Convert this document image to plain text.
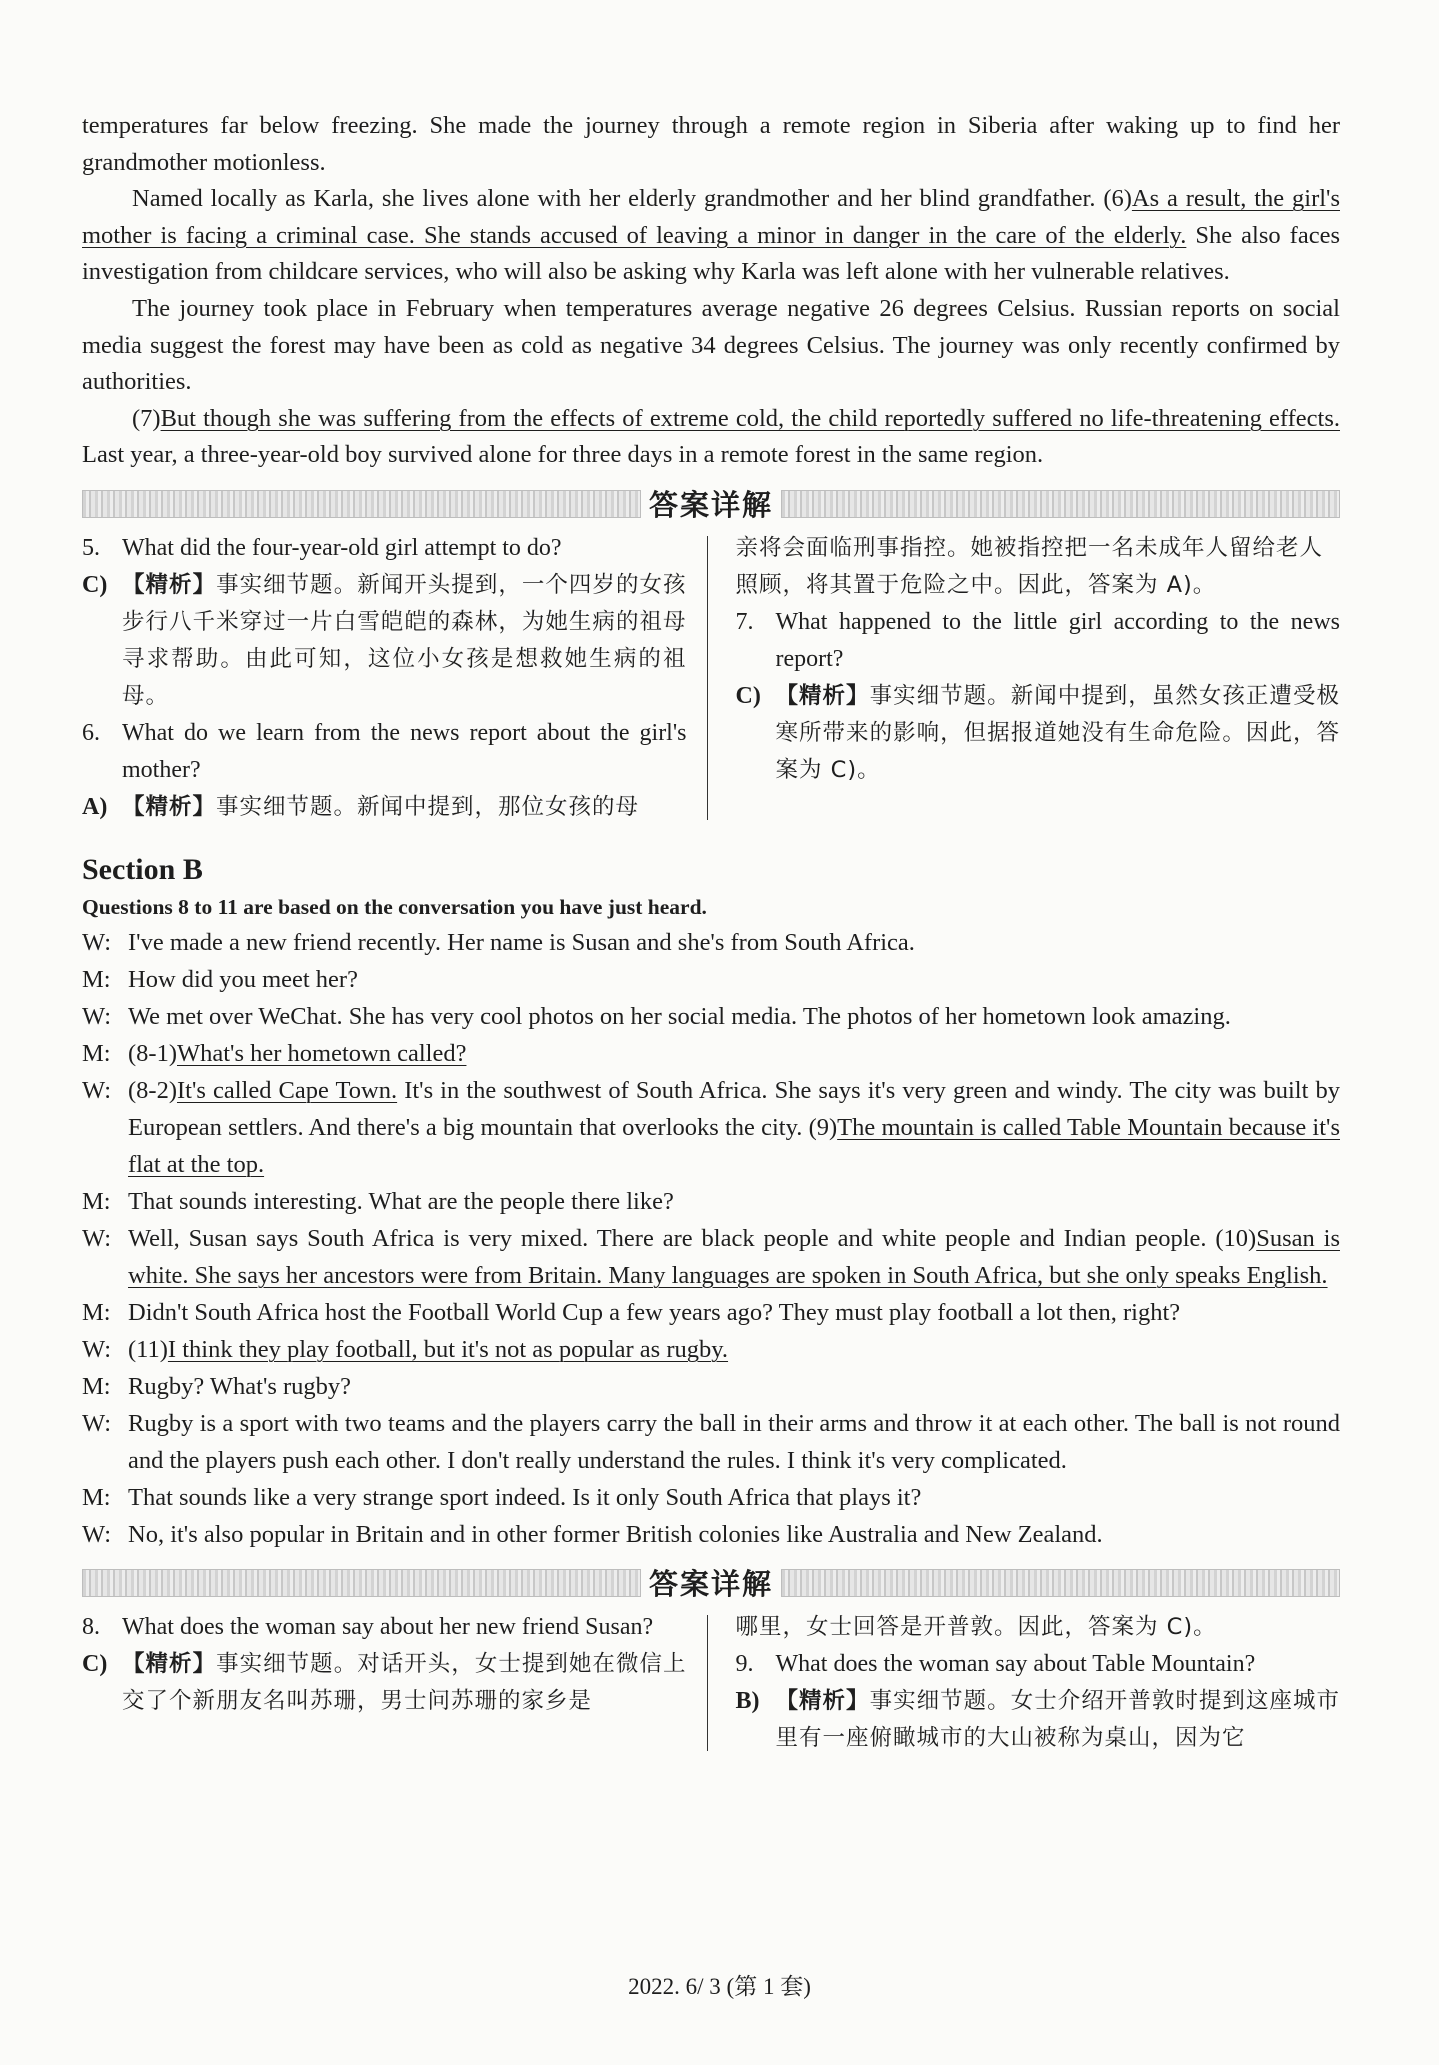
temperatures far below freezing. She made the journey through a remote region in Siberia after waking up to find her grandmother motionless.

Named locally as Karla, she lives alone with her elderly grandmother and her blind grandfather. (6)As a result, the girl's mother is facing a criminal case. She stands accused of leaving a minor in danger in the care of the elderly. She also faces investigation from childcare services, who will also be asking why Karla was left alone with her vulnerable relatives.

The journey took place in February when temperatures average negative 26 degrees Celsius. Russian reports on social media suggest the forest may have been as cold as negative 34 degrees Celsius. The journey was only recently confirmed by authorities.

(7)But though she was suffering from the effects of extreme cold, the child reportedly suffered no life-threatening effects. Last year, a three-year-old boy survived alone for three days in a remote forest in the same region.

答案详解
5. What did the four-year-old girl attempt to do?
C) 【精析】事实细节题。新闻开头提到，一个四岁的女孩步行八千米穿过一片白雪皑皑的森林，为她生病的祖母寻求帮助。由此可知，这位小女孩是想救她生病的祖母。
6. What do we learn from the news report about the girl's mother?
A) 【精析】事实细节题。新闻中提到，那位女孩的母
亲将会面临刑事指控。她被指控把一名未成年人留给老人照顾，将其置于危险之中。因此，答案为 A)。
7. What happened to the little girl according to the news report?
C) 【精析】事实细节题。新闻中提到，虽然女孩正遭受极寒所带来的影响，但据报道她没有生命危险。因此，答案为 C)。
Section B
Questions 8 to 11 are based on the conversation you have just heard.
W: I've made a new friend recently. Her name is Susan and she's from South Africa.
M: How did you meet her?
W: We met over WeChat. She has very cool photos on her social media. The photos of her hometown look amazing.
M: (8-1)What's her hometown called?
W: (8-2)It's called Cape Town. It's in the southwest of South Africa. She says it's very green and windy. The city was built by European settlers. And there's a big mountain that overlooks the city. (9)The mountain is called Table Mountain because it's flat at the top.
M: That sounds interesting. What are the people there like?
W: Well, Susan says South Africa is very mixed. There are black people and white people and Indian people. (10)Susan is white. She says her ancestors were from Britain. Many languages are spoken in South Africa, but she only speaks English.
M: Didn't South Africa host the Football World Cup a few years ago? They must play football a lot then, right?
W: (11)I think they play football, but it's not as popular as rugby.
M: Rugby? What's rugby?
W: Rugby is a sport with two teams and the players carry the ball in their arms and throw it at each other. The ball is not round and the players push each other. I don't really understand the rules. I think it's very complicated.
M: That sounds like a very strange sport indeed. Is it only South Africa that plays it?
W: No, it's also popular in Britain and in other former British colonies like Australia and New Zealand.
答案详解
8. What does the woman say about her new friend Susan?
C) 【精析】事实细节题。对话开头，女士提到她在微信上交了个新朋友名叫苏珊，男士问苏珊的家乡是
哪里，女士回答是开普敦。因此，答案为 C)。
9. What does the woman say about Table Mountain?
B) 【精析】事实细节题。女士介绍开普敦时提到这座城市里有一座俯瞰城市的大山被称为桌山，因为它
2022. 6/ 3 (第 1 套)
